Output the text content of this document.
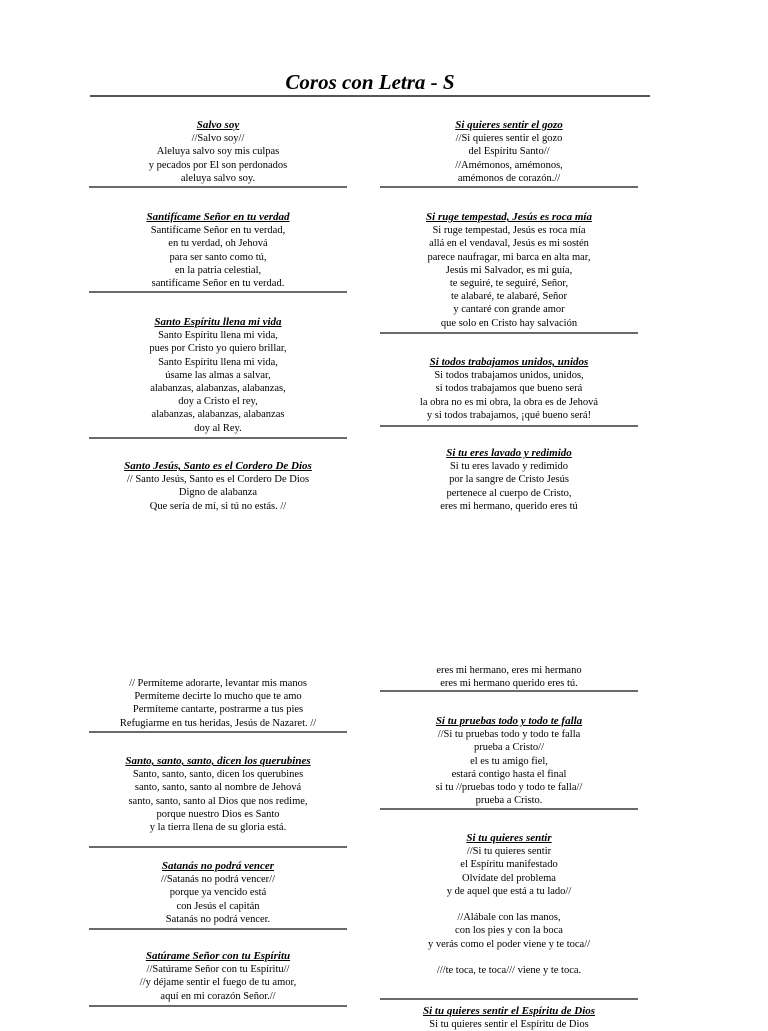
Coros con Letra - S
Salvo soy
//Salvo soy//
Aleluya salvo soy mis culpas
y pecados por El son perdonados
aleluya salvo soy.
Santifícame Señor en tu verdad
Santifícame Señor en tu verdad,
en tu verdad, oh Jehová
para ser santo como tú,
en la patria celestial,
santifícame Señor en tu verdad.
Santo Espíritu llena mi vida
Santo Espíritu llena mi vida,
pues por Cristo yo quiero brillar,
Santo Espíritu llena mi vida,
úsame las almas a salvar,
alabanzas, alabanzas, alabanzas,
doy a Cristo el rey,
alabanzas, alabanzas, alabanzas
doy al Rey.
Santo Jesús, Santo es el Cordero De Dios
// Santo Jesús, Santo es el Cordero De Dios
Digno de alabanza
Que sería de mí, si tú no estás. //
// Permíteme adorarte, levantar mis manos
Permíteme decirte lo mucho que te amo
Permíteme cantarte, postrarme a tus pies
Refugiarme en tus heridas, Jesús de Nazaret. //
Santo, santo, santo, dicen los querubines
Santo, santo, santo, dicen los querubines
santo, santo, santo al nombre de Jehová
santo, santo, santo al Dios que nos redime,
porque nuestro Dios es Santo
y la tierra llena de su gloria está.
Satanás no podrá vencer
//Satanás no podrá vencer//
porque ya vencido está
con Jesús el capitán
Satanás no podrá vencer.
Satúrame Señor con tu Espíritu
//Satúrame Señor con tu Espíritu//
//y déjame sentir el fuego de tu amor,
aquí en mi corazón Señor.//
Si quieres sentir el gozo
//Si quieres sentir el gozo
del Espíritu Santo//
//Amémonos, amémonos,
amémonos de corazón.//
Si ruge tempestad, Jesús es roca mía
Si ruge tempestad, Jesús es roca mía
allá en el vendaval, Jesús es mi sostén
parece naufragar, mi barca en alta mar,
Jesús mi Salvador, es mi guía,
te seguiré, te seguiré, Señor,
te alabaré, te alabaré, Señor
y cantaré con grande amor
que solo en Cristo hay salvación
Si todos trabajamos unidos, unidos
Si todos trabajamos unidos, unidos,
si todos trabajamos que bueno será
la obra no es mi obra, la obra es de Jehová
y si todos trabajamos, ¡qué bueno será!
Si tu eres lavado y redimido
Si tu eres lavado y redimido
por la sangre de Cristo Jesús
pertenece al cuerpo de Cristo,
eres mi hermano, querido eres tú
eres mi hermano, eres mi hermano
eres mi hermano querido eres tú.
Si tu pruebas todo y todo te falla
//Si tu pruebas todo y todo te falla
prueba a Cristo//
el es tu amigo fiel,
estará contigo hasta el final
si tu //pruebas todo y todo te falla//
prueba a Cristo.
Si tu quieres sentir
//Si tu quieres sentir
el Espíritu manifestado
Olvídate del problema
y de aquel que está a tu lado//

//Alábale con las manos,
con los pies y con la boca
y verás como el poder viene y te toca//

///te toca, te toca/// viene y te toca.
Si tu quieres sentir el Espíritu de Dios
Si tu quieres sentir el Espíritu de Dios
